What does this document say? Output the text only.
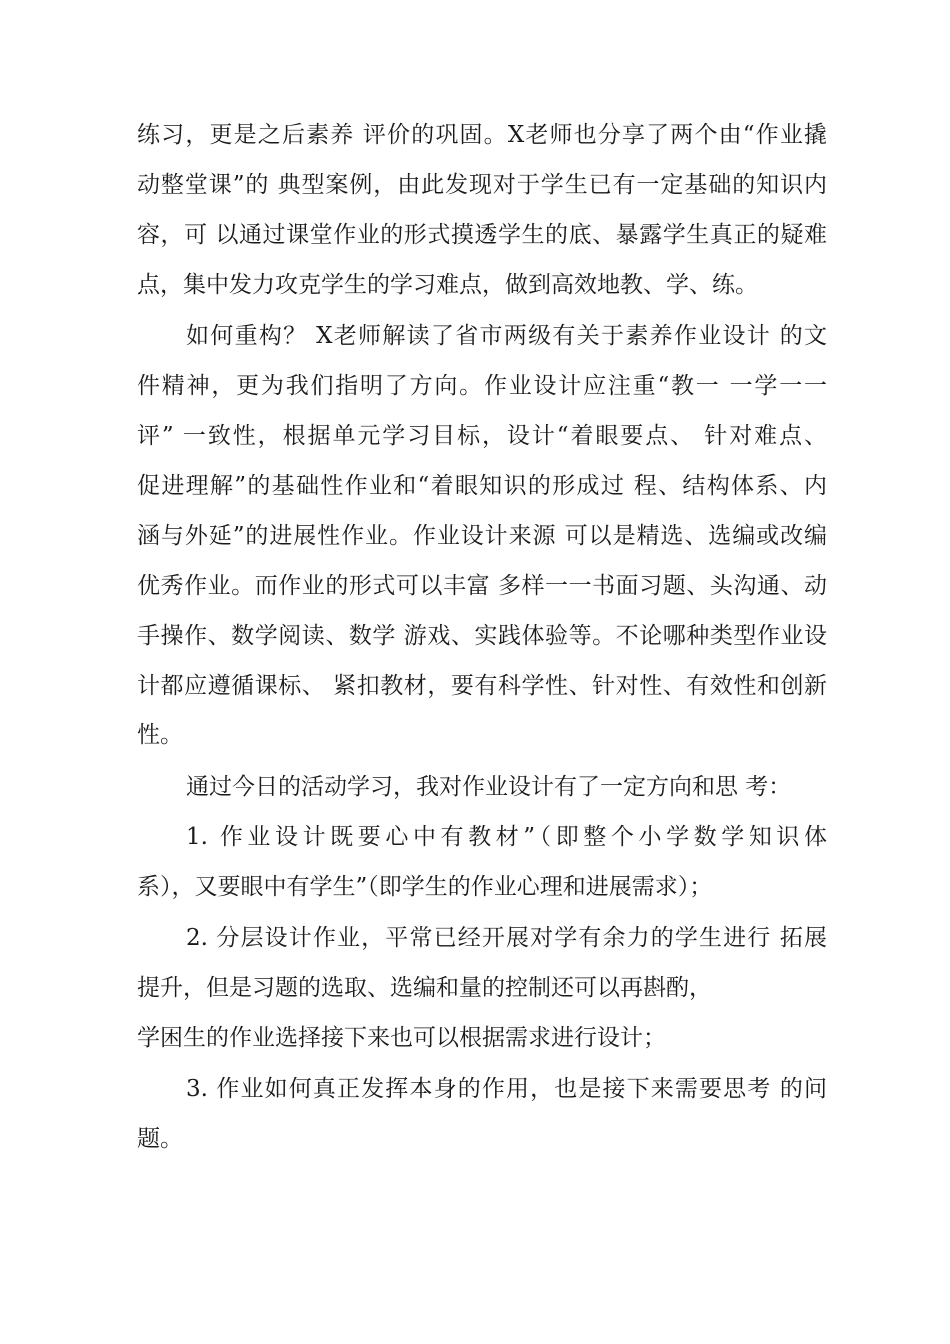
练习，更是之后素养 评价的巩固。X老师也分享了两个由“作业撬

动整堂课”的 典型案例，由此发现对于学生已有一定基础的知识内

容，可 以通过课堂作业的形式摸透学生的底、暴露学生真正的疑难

点，集中发力攻克学生的学习难点，做到高效地教、学、练。

如何重构？ X老师解读了省市两级有关于素养作业设计 的文

件精神，更为我们指明了方向。作业设计应注重“教一 一学一一

评” 一致性，根据单元学习目标，设计“着眼要点、 针对难点、

促进理解”的基础性作业和“着眼知识的形成过 程、结构体系、内

涵与外延”的进展性作业。作业设计来源 可以是精选、选编或改编

优秀作业。而作业的形式可以丰富 多样一一书面习题、头沟通、动

手操作、数学阅读、数学 游戏、实践体验等。不论哪种类型作业设

计都应遵循课标、 紧扣教材，要有科学性、针对性、有效性和创新

性。

通过今日的活动学习，我对作业设计有了一定方向和思 考：

1. 作业设计既要心中有教材”（即整个小学数学知识体

系），又要眼中有学生”（即学生的作业心理和进展需求）；

2. 分层设计作业，平常已经开展对学有余力的学生进行 拓展

提升，但是习题的选取、选编和量的控制还可以再斟酌，

学困生的作业选择接下来也可以根据需求进行设计；

3. 作业如何真正发挥本身的作用，也是接下来需要思考 的问

题。
